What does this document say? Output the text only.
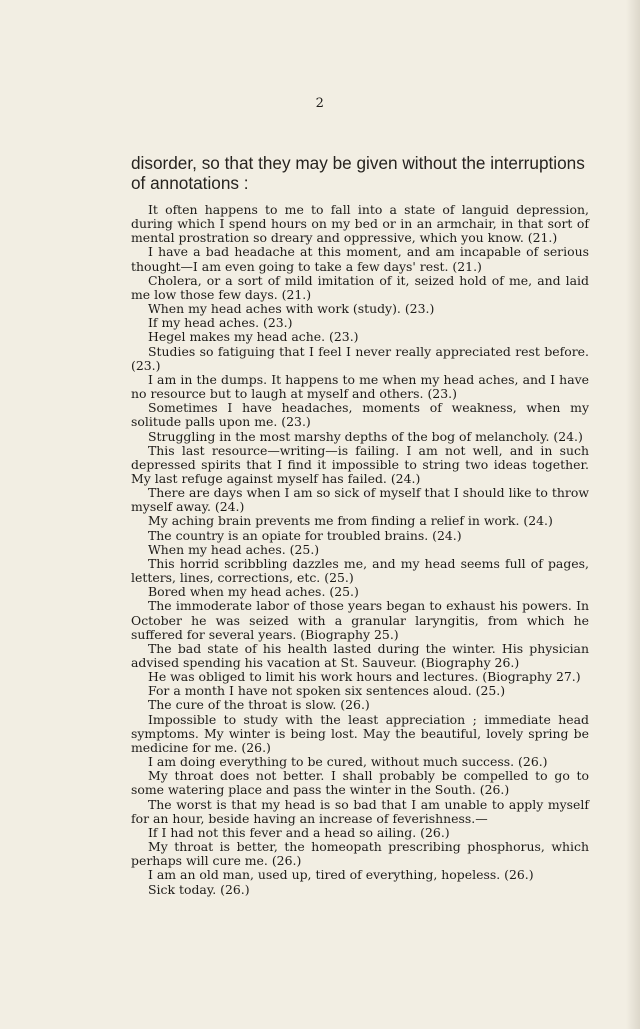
2
disorder, so that they may be given without the interruptions of annotations :

It often happens to me to fall into a state of languid depression, during which I spend hours on my bed or in an armchair, in that sort of mental prostration so dreary and oppressive, which you know. (21.)

I have a bad headache at this moment, and am incapable of serious thought—I am even going to take a few days' rest. (21.)

Cholera, or a sort of mild imitation of it, seized hold of me, and laid me low those few days. (21.)

When my head aches with work (study). (23.)

If my head aches. (23.)

Hegel makes my head ache. (23.)

Studies so fatiguing that I feel I never really appreciated rest before. (23.)

I am in the dumps. It happens to me when my head aches, and I have no resource but to laugh at myself and others. (23.)

Sometimes I have headaches, moments of weakness, when my solitude palls upon me. (23.)

Struggling in the most marshy depths of the bog of melancholy. (24.)

This last resource—writing—is failing. I am not well, and in such depressed spirits that I find it impossible to string two ideas together. My last refuge against myself has failed. (24.)

There are days when I am so sick of myself that I should like to throw myself away. (24.)

My aching brain prevents me from finding a relief in work. (24.)

The country is an opiate for troubled brains. (24.)

When my head aches. (25.)

This horrid scribbling dazzles me, and my head seems full of pages, letters, lines, corrections, etc. (25.)

Bored when my head aches. (25.)

The immoderate labor of those years began to exhaust his powers. In October he was seized with a granular laryngitis, from which he suffered for several years. (Biography 25.)

The bad state of his health lasted during the winter. His physician advised spending his vacation at St. Sauveur. (Biography 26.)

He was obliged to limit his work hours and lectures. (Biography 27.)

For a month I have not spoken six sentences aloud. (25.)

The cure of the throat is slow. (26.)

Impossible to study with the least appreciation ; immediate head symptoms. My winter is being lost. May the beautiful, lovely spring be medicine for me. (26.)

I am doing everything to be cured, without much success. (26.)

My throat does not better. I shall probably be compelled to go to some watering place and pass the winter in the South. (26.)

The worst is that my head is so bad that I am unable to apply myself for an hour, beside having an increase of feverishness.—

If I had not this fever and a head so ailing. (26.)

My throat is better, the homeopath prescribing phosphorus, which perhaps will cure me. (26.)

I am an old man, used up, tired of everything, hopeless. (26.)

Sick today. (26.)
